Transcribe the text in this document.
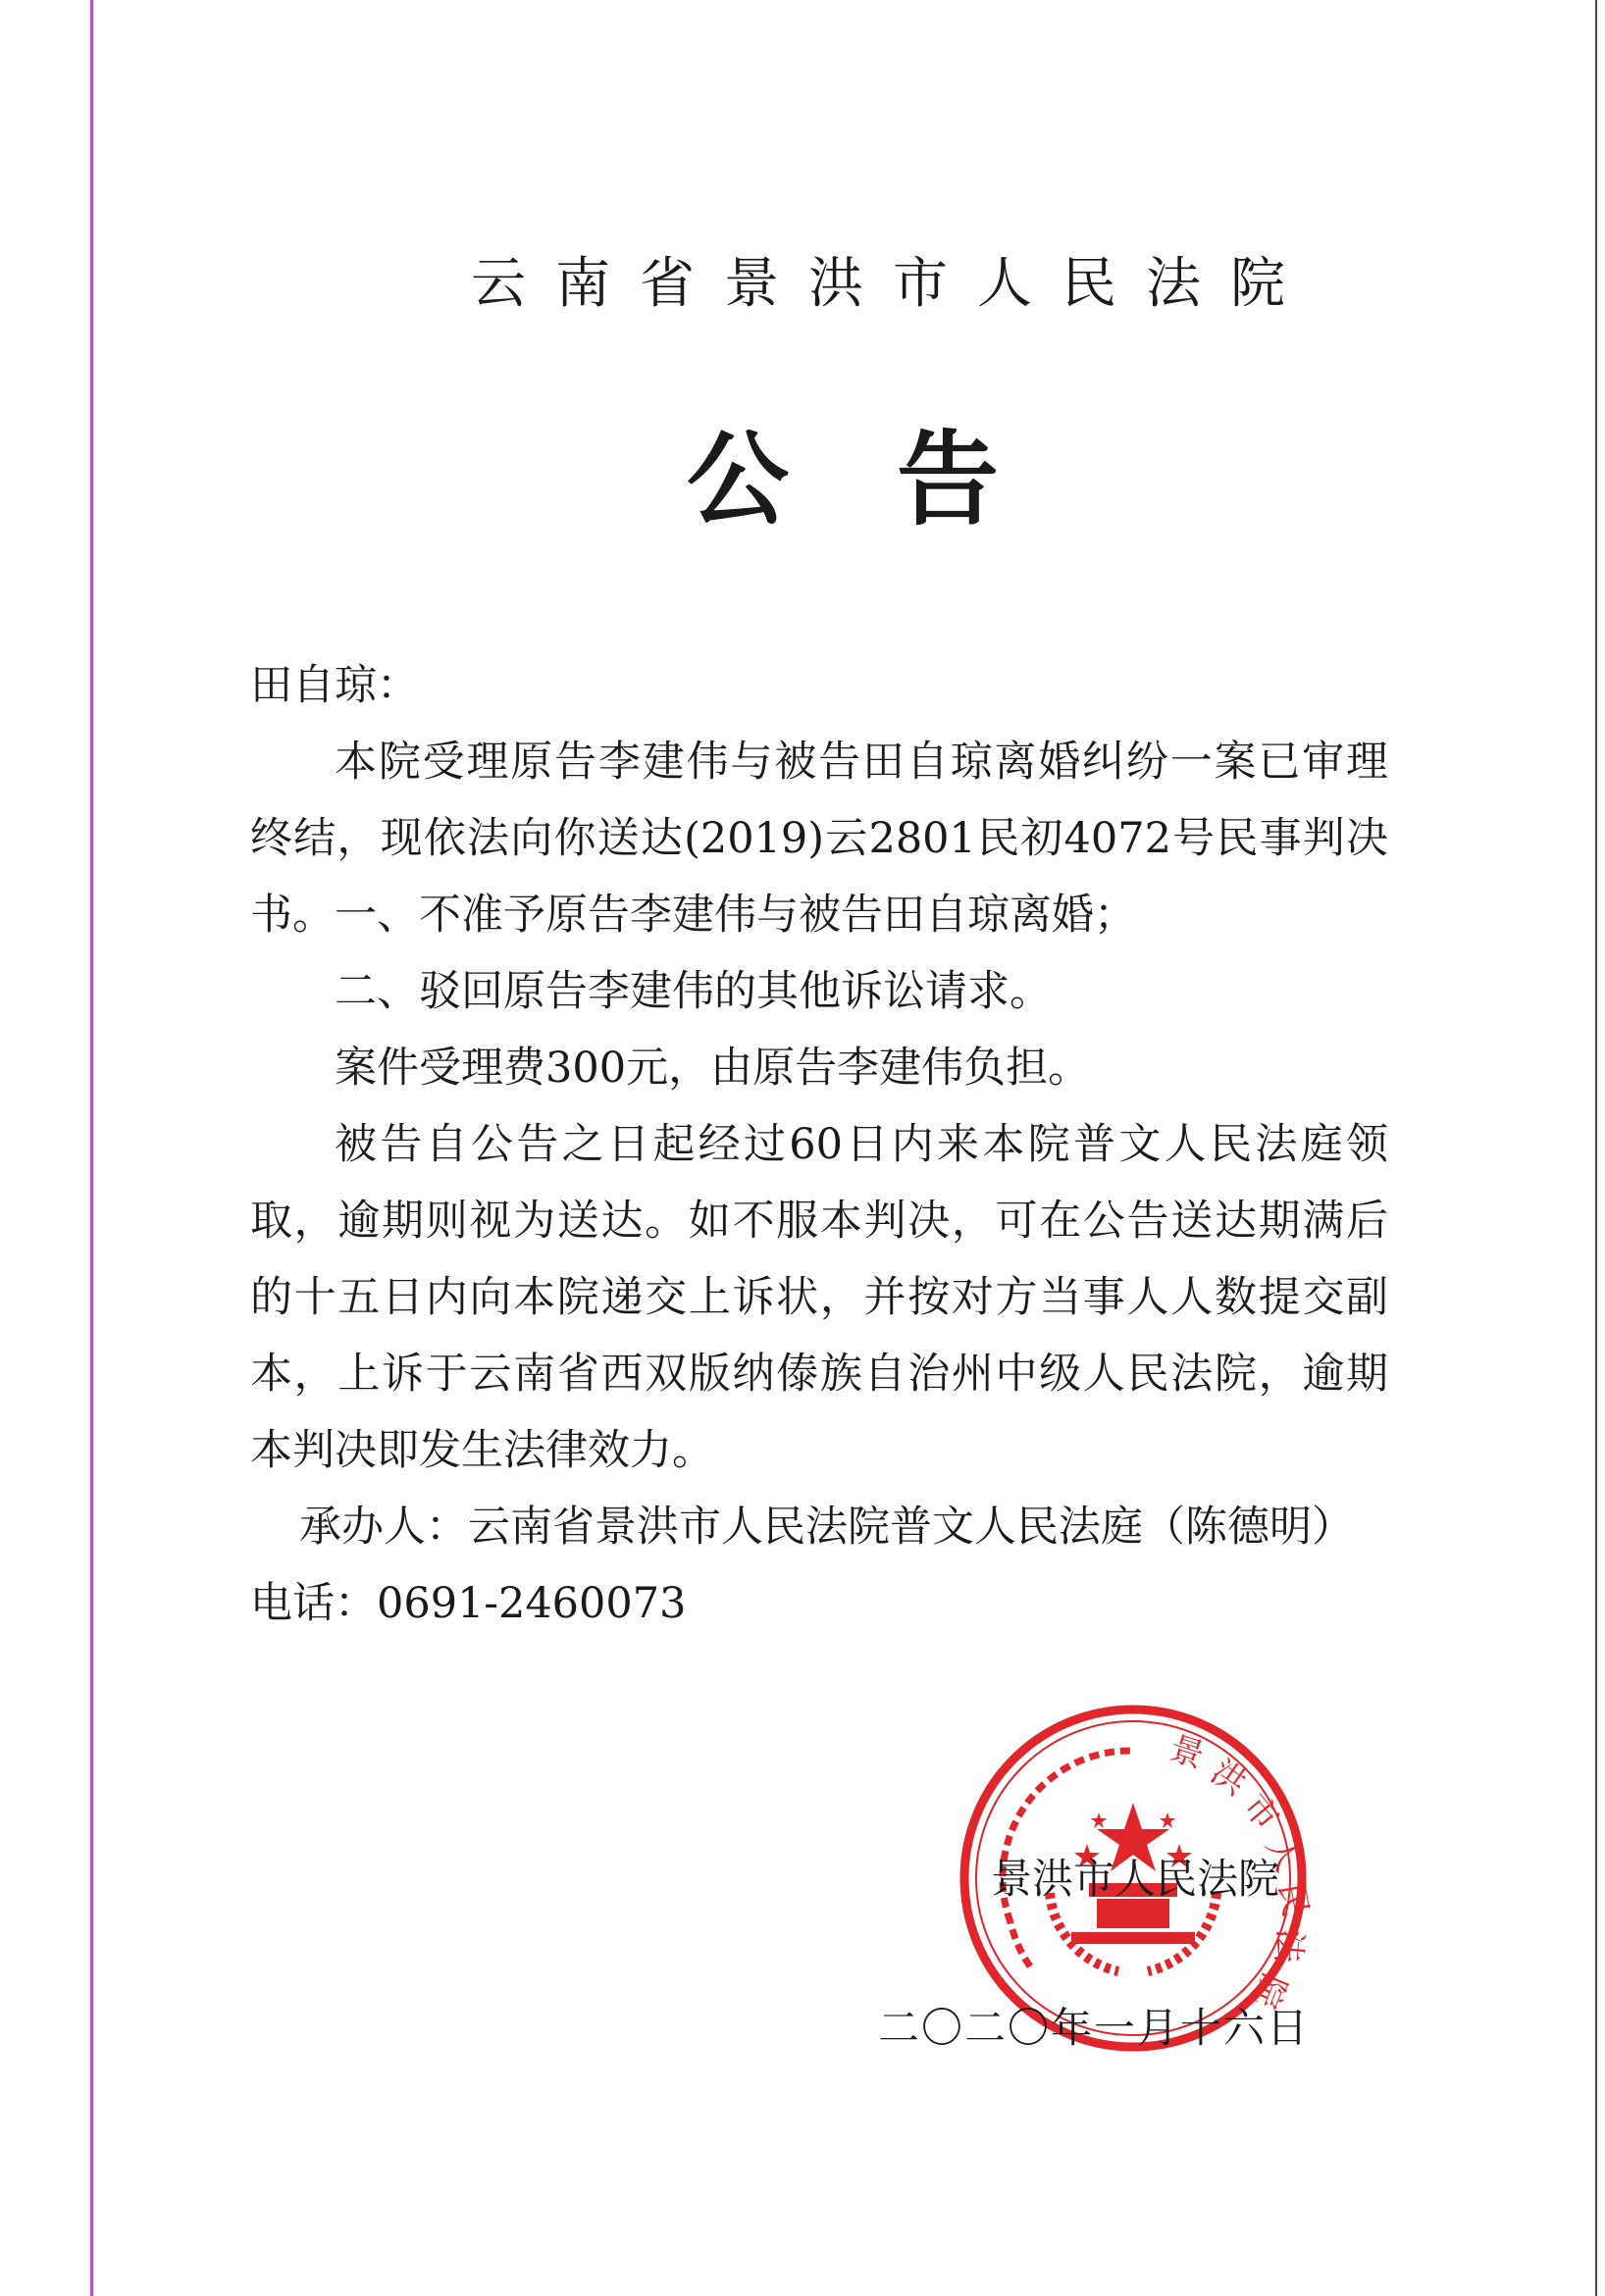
云南省景洪市人民法院
公告

田自琼：

本院受理原告李建伟与被告田自琼离婚纠纷一案已审理终结，现依法向你送达(2019)云2801民初4072号民事判决书。一、不准予原告李建伟与被告田自琼离婚；

二、驳回原告李建伟的其他诉讼请求。

案件受理费300元，由原告李建伟负担。

被告自公告之日起经过60日内来本院普文人民法庭领取，逾期则视为送达。如不服本判决，可在公告送达期满后的十五日内向本院递交上诉状，并按对方当事人人数提交副本，上诉于云南省西双版纳傣族自治州中级人民法院，逾期本判决即发生法律效力。

承办人：云南省景洪市人民法院普文人民法庭（陈德明）

电话：0691-2460073

景
洪
市
人
民
法
院
景洪市人民法院
二〇二〇年一月十六日
